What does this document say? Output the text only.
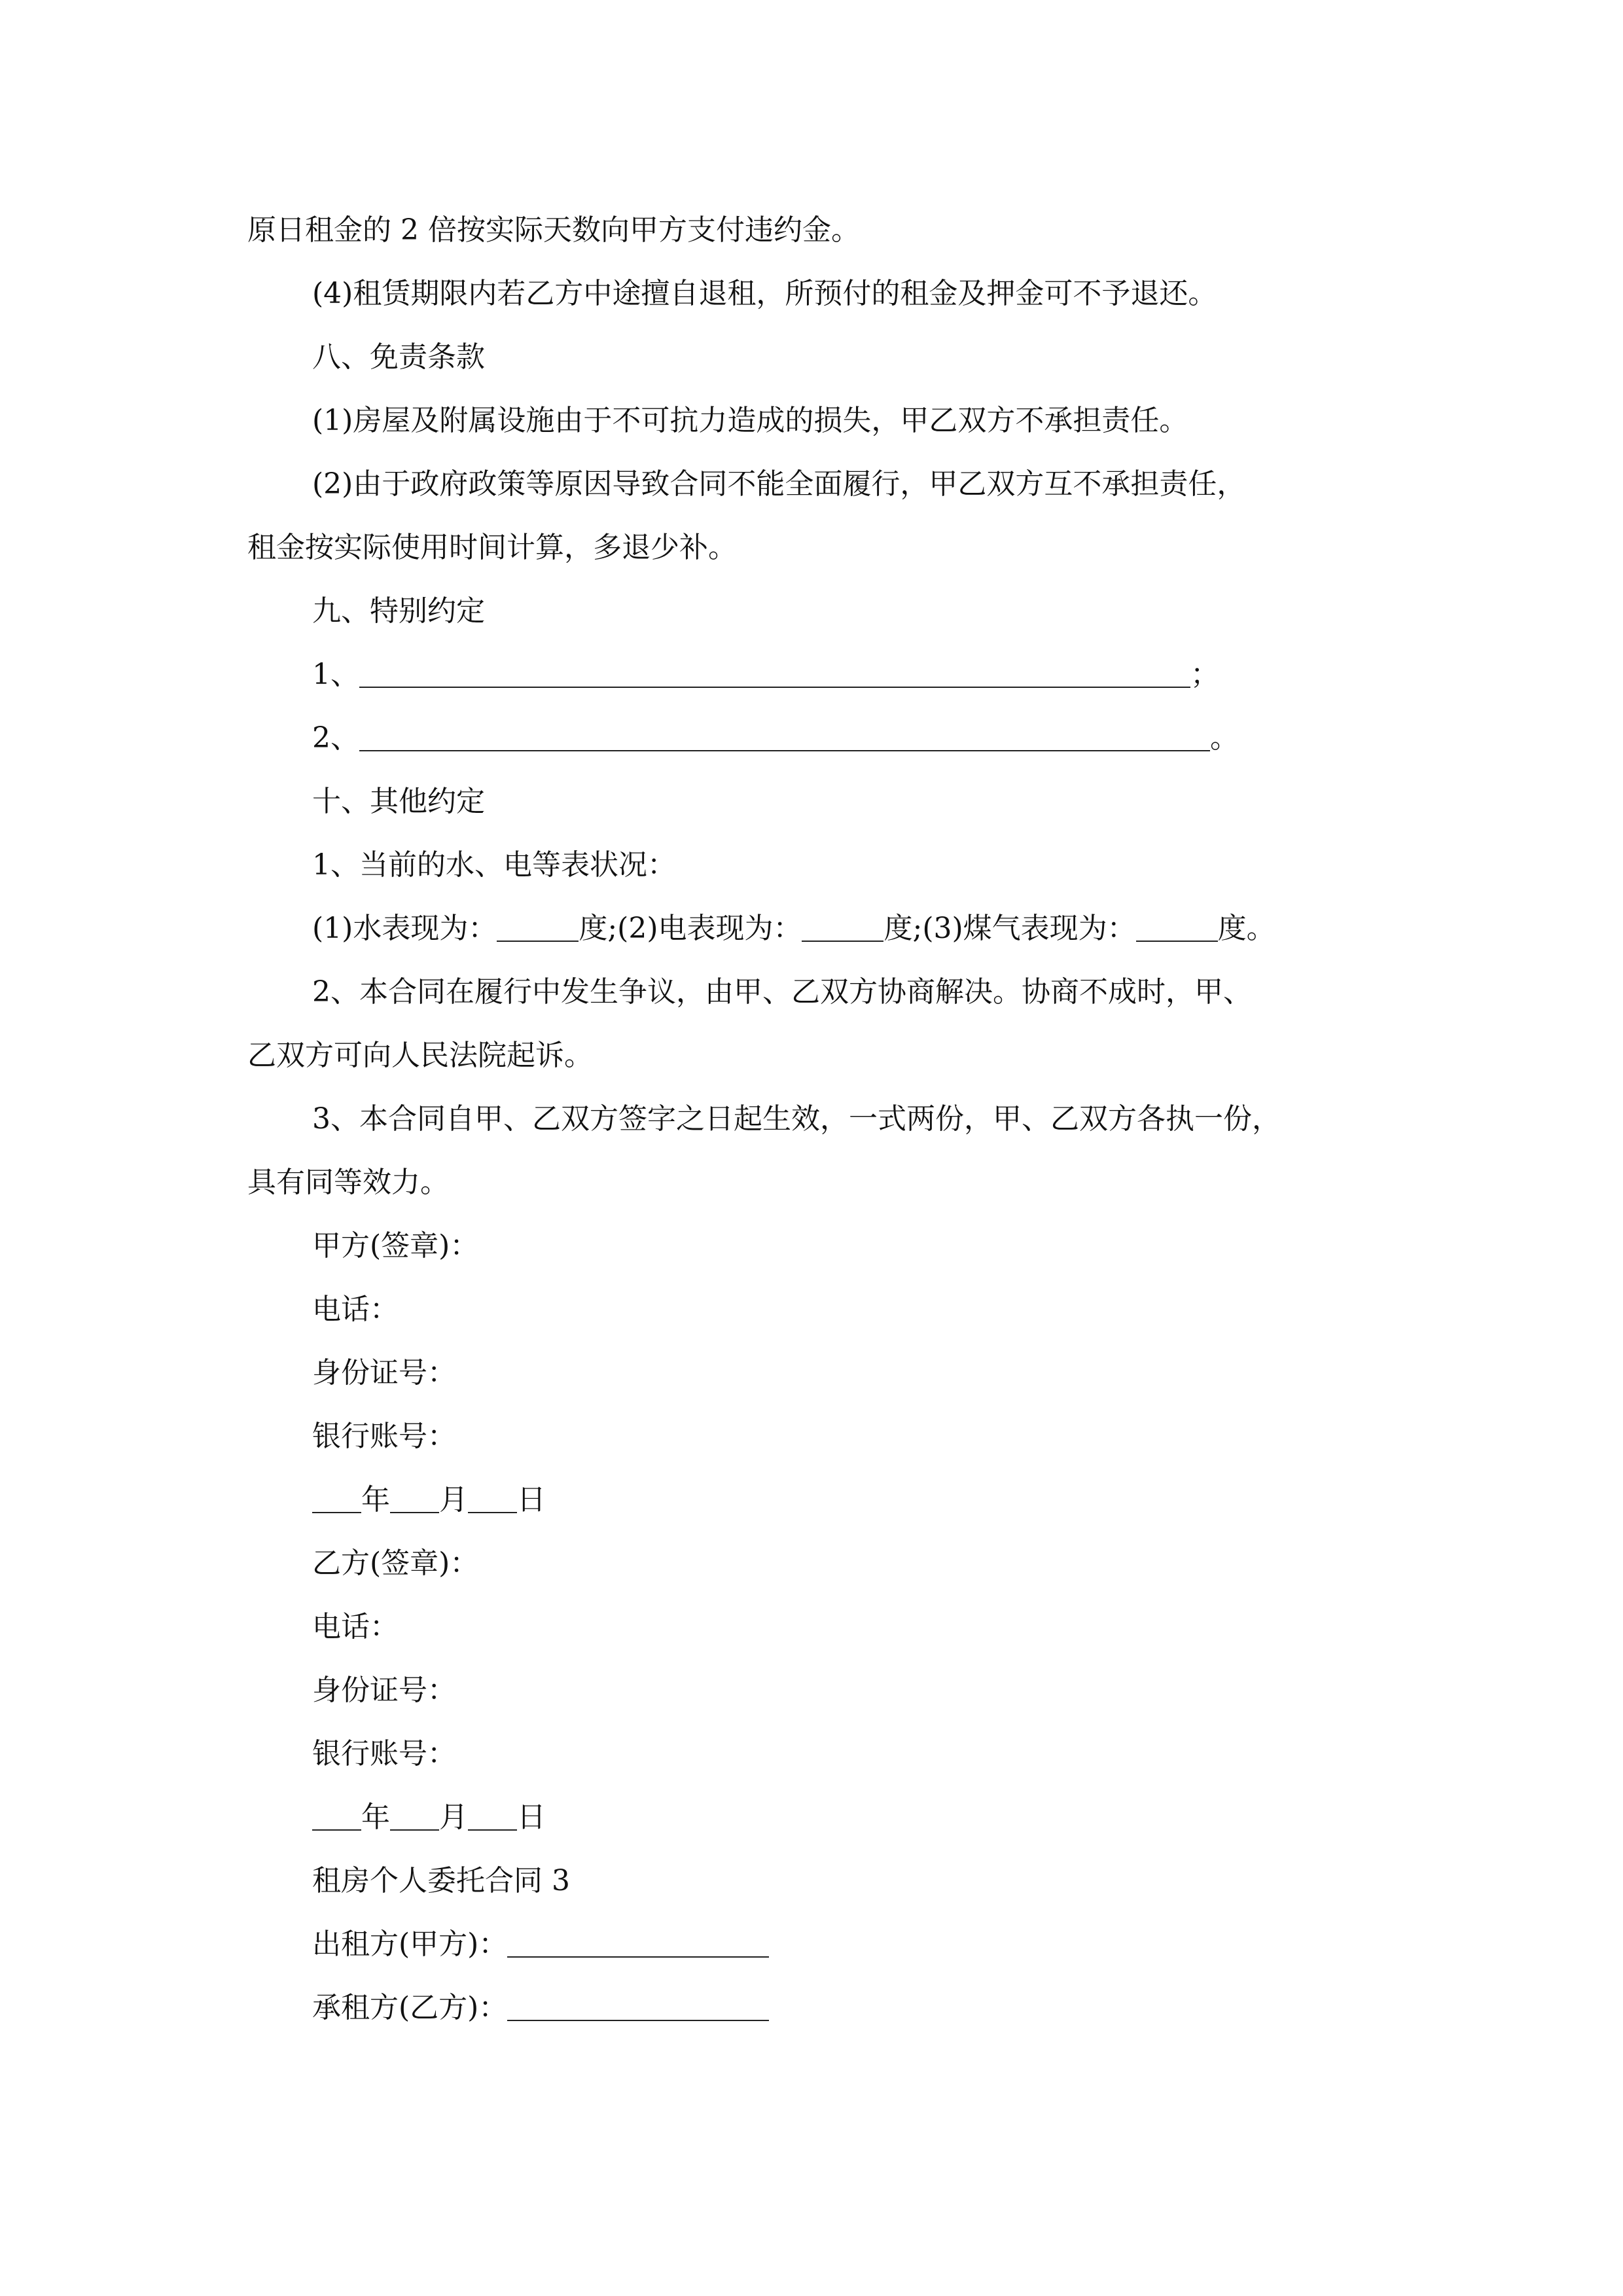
原日租金的 2 倍按实际天数向甲方支付违约金。
(4)租赁期限内若乙方中途擅自退租，所预付的租金及押金可不予退还。
八、免责条款
(1)房屋及附属设施由于不可抗力造成的损失，甲乙双方不承担责任。
(2)由于政府政策等原因导致合同不能全面履行，甲乙双方互不承担责任，
租金按实际使用时间计算，多退少补。
九、特别约定
1、	；
2、	。
十、其他约定
1、当前的水、电等表状况：
(1)水表现为：	度;(2)电表现为：	度;(3)煤气表现为：	度。
2、本合同在履行中发生争议，由甲、乙双方协商解决。协商不成时，甲、
乙双方可向人民法院起诉。
3、本合同自甲、乙双方签字之日起生效，一式两份，甲、乙双方各执一份，
具有同等效力。
甲方(签章)：
电话：
身份证号：
银行账号：
年 月 日
乙方(签章)：
电话：
身份证号：
银行账号：
年 月 日
租房个人委托合同 3
出租方(甲方)：
承租方(乙方)：
